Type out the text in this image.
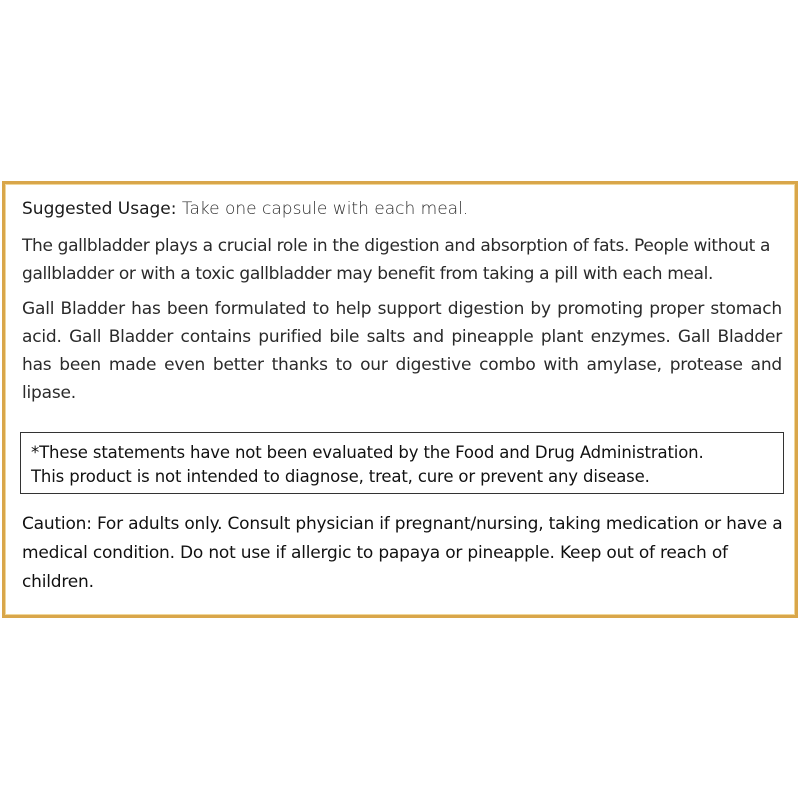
Suggested Usage: Take one capsule with each meal.

The gallbladder plays a crucial role in the digestion and absorption of fats. People without a gallbladder or with a toxic gallbladder may benefit from taking a pill with each meal.

Gall Bladder has been formulated to help support digestion by promoting proper stomach acid. Gall Bladder contains purified bile salts and pineapple plant enzymes. Gall Bladder has been made even better thanks to our digestive combo with amylase, protease and lipase.

*These statements have not been evaluated by the Food and Drug Administration.
This product is not intended to diagnose, treat, cure or prevent any disease.

Caution: For adults only. Consult physician if pregnant/nursing, taking medication or have a medical condition. Do not use if allergic to papaya or pineapple. Keep out of reach of children.
